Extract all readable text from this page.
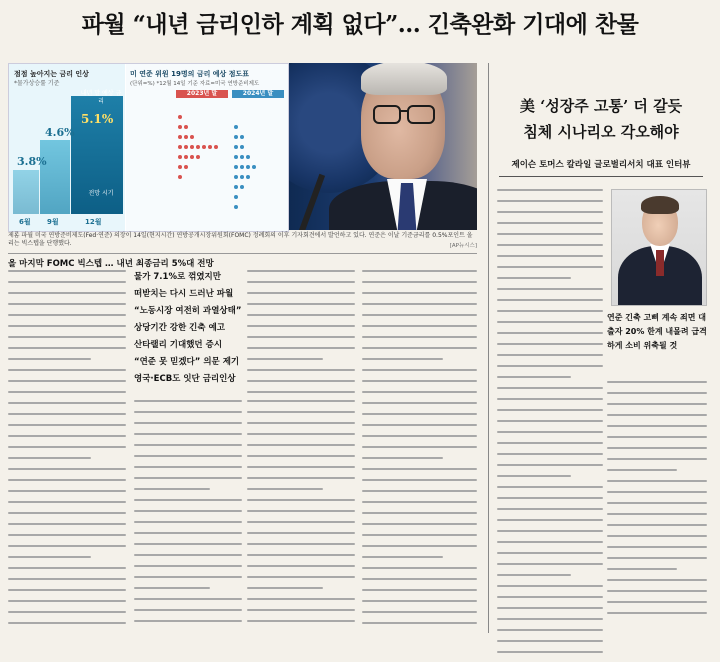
파월 “내년 금리인하 계획 없다”… 긴축완화 기대에 찬물
점점 높아지는 금리 인상
*물가상승률 기준
3.8%
4.6%
내년 말 예상 금리
5.1%
전망 시기
6월 9월	12월
미 연준 위원 19명의 금리 예상 점도표
(단위=%) *12월 14일 기준 자료=미국 연방준비제도
2023년 말	2024년 말
제롬 파월 미국 연방준비제도(Fed·연준) 의장이 14일(현지시간) 연방공개시장위원회(FOMC) 정례회의 이후 기자회견에서 발언하고 있다. 연준은 이날 기준금리를 0.5%포인트 올리는 빅스텝을 단행했다.	[AP뉴시스]
올 마지막 FOMC 빅스텝 … 내년 최종금리 5%대 전망

물가 7.1%로 꺾였지만

떠받치는 다시 드러난 파월

“노동시장 여전히 과열상태”

상당기간 강한 긴축 예고

산타랠리 기대했던 증시

“연준 못 믿겠다” 의문 제기

영국·ECB도 잇단 금리인상

美 ‘성장주 고통’ 더 갈듯
침체 시나리오 각오해야
제이슨 토머스 칼라일 글로벌리서치 대표 인터뷰
연준 긴축 고삐 계속 죄면 대출자 20% 한계 내몰려 급격하게 소비 위축될 것
